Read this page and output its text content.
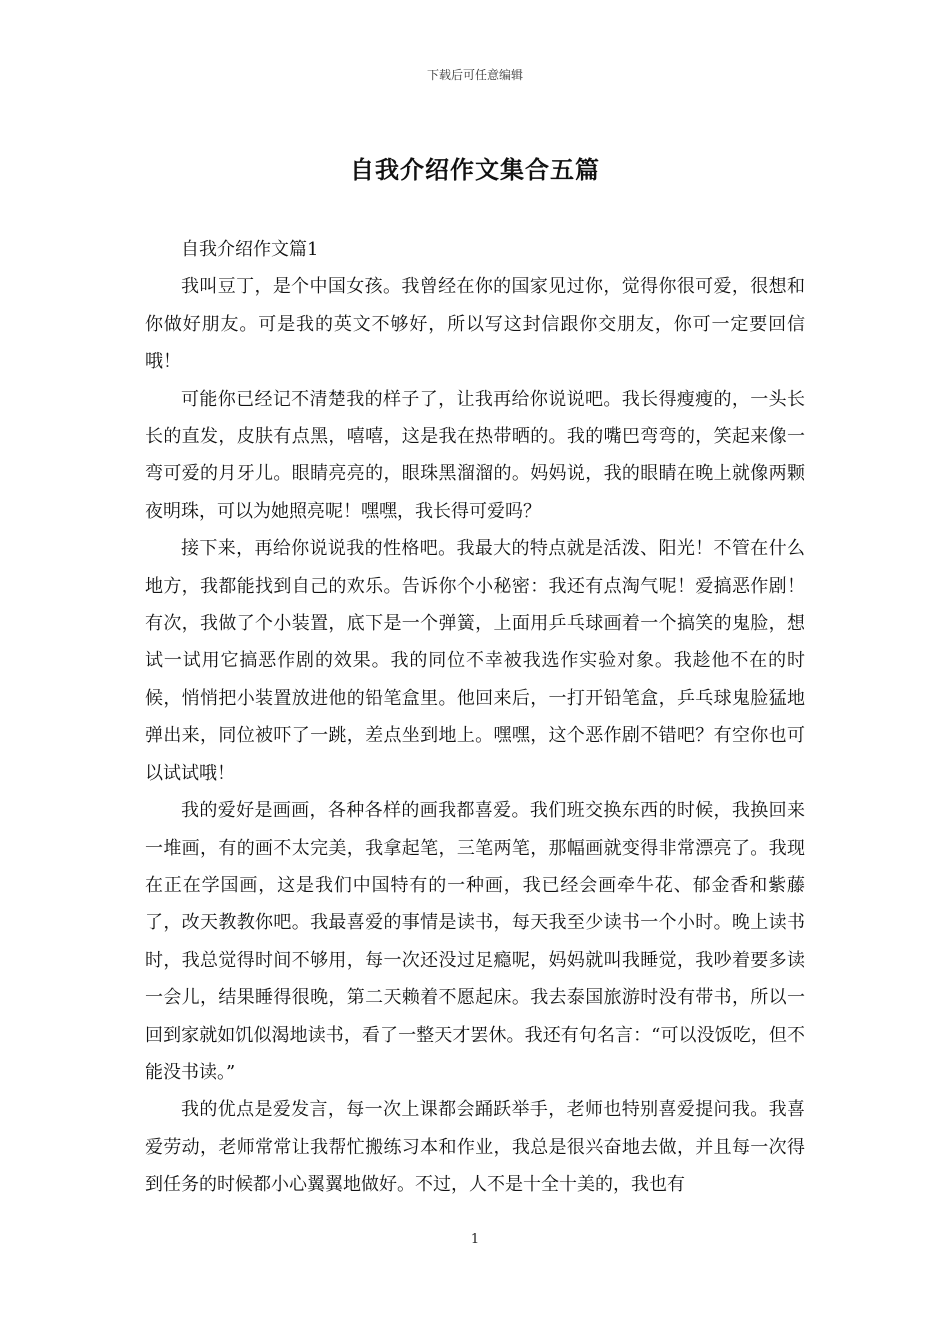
下载后可任意编辑
自我介绍作文集合五篇

自我介绍作文篇1

我叫豆丁，是个中国女孩。我曾经在你的国家见过你，觉得你很可爱，很想和你做好朋友。可是我的英文不够好，所以写这封信跟你交朋友，你可一定要回信哦！

可能你已经记不清楚我的样子了，让我再给你说说吧。我长得瘦瘦的，一头长长的直发，皮肤有点黑，嘻嘻，这是我在热带晒的。我的嘴巴弯弯的，笑起来像一弯可爱的月牙儿。眼睛亮亮的，眼珠黑溜溜的。妈妈说，我的眼睛在晚上就像两颗夜明珠，可以为她照亮呢！嘿嘿，我长得可爱吗？

接下来，再给你说说我的性格吧。我最大的特点就是活泼、阳光！不管在什么地方，我都能找到自己的欢乐。告诉你个小秘密：我还有点淘气呢！爱搞恶作剧！有次，我做了个小装置，底下是一个弹簧，上面用乒乓球画着一个搞笑的鬼脸，想试一试用它搞恶作剧的效果。我的同位不幸被我选作实验对象。我趁他不在的时候，悄悄把小装置放进他的铅笔盒里。他回来后，一打开铅笔盒，乒乓球鬼脸猛地弹出来，同位被吓了一跳，差点坐到地上。嘿嘿，这个恶作剧不错吧？有空你也可以试试哦！

我的爱好是画画，各种各样的画我都喜爱。我们班交换东西的时候，我换回来一堆画，有的画不太完美，我拿起笔，三笔两笔，那幅画就变得非常漂亮了。我现在正在学国画，这是我们中国特有的一种画，我已经会画牵牛花、郁金香和紫藤了，改天教教你吧。我最喜爱的事情是读书，每天我至少读书一个小时。晚上读书时，我总觉得时间不够用，每一次还没过足瘾呢，妈妈就叫我睡觉，我吵着要多读一会儿，结果睡得很晚，第二天赖着不愿起床。我去泰国旅游时没有带书，所以一回到家就如饥似渴地读书，看了一整天才罢休。我还有句名言：“可以没饭吃，但不能没书读。”

我的优点是爱发言，每一次上课都会踊跃举手，老师也特别喜爱提问我。我喜爱劳动，老师常常让我帮忙搬练习本和作业，我总是很兴奋地去做，并且每一次得到任务的时候都小心翼翼地做好。不过，人不是十全十美的，我也有

1
